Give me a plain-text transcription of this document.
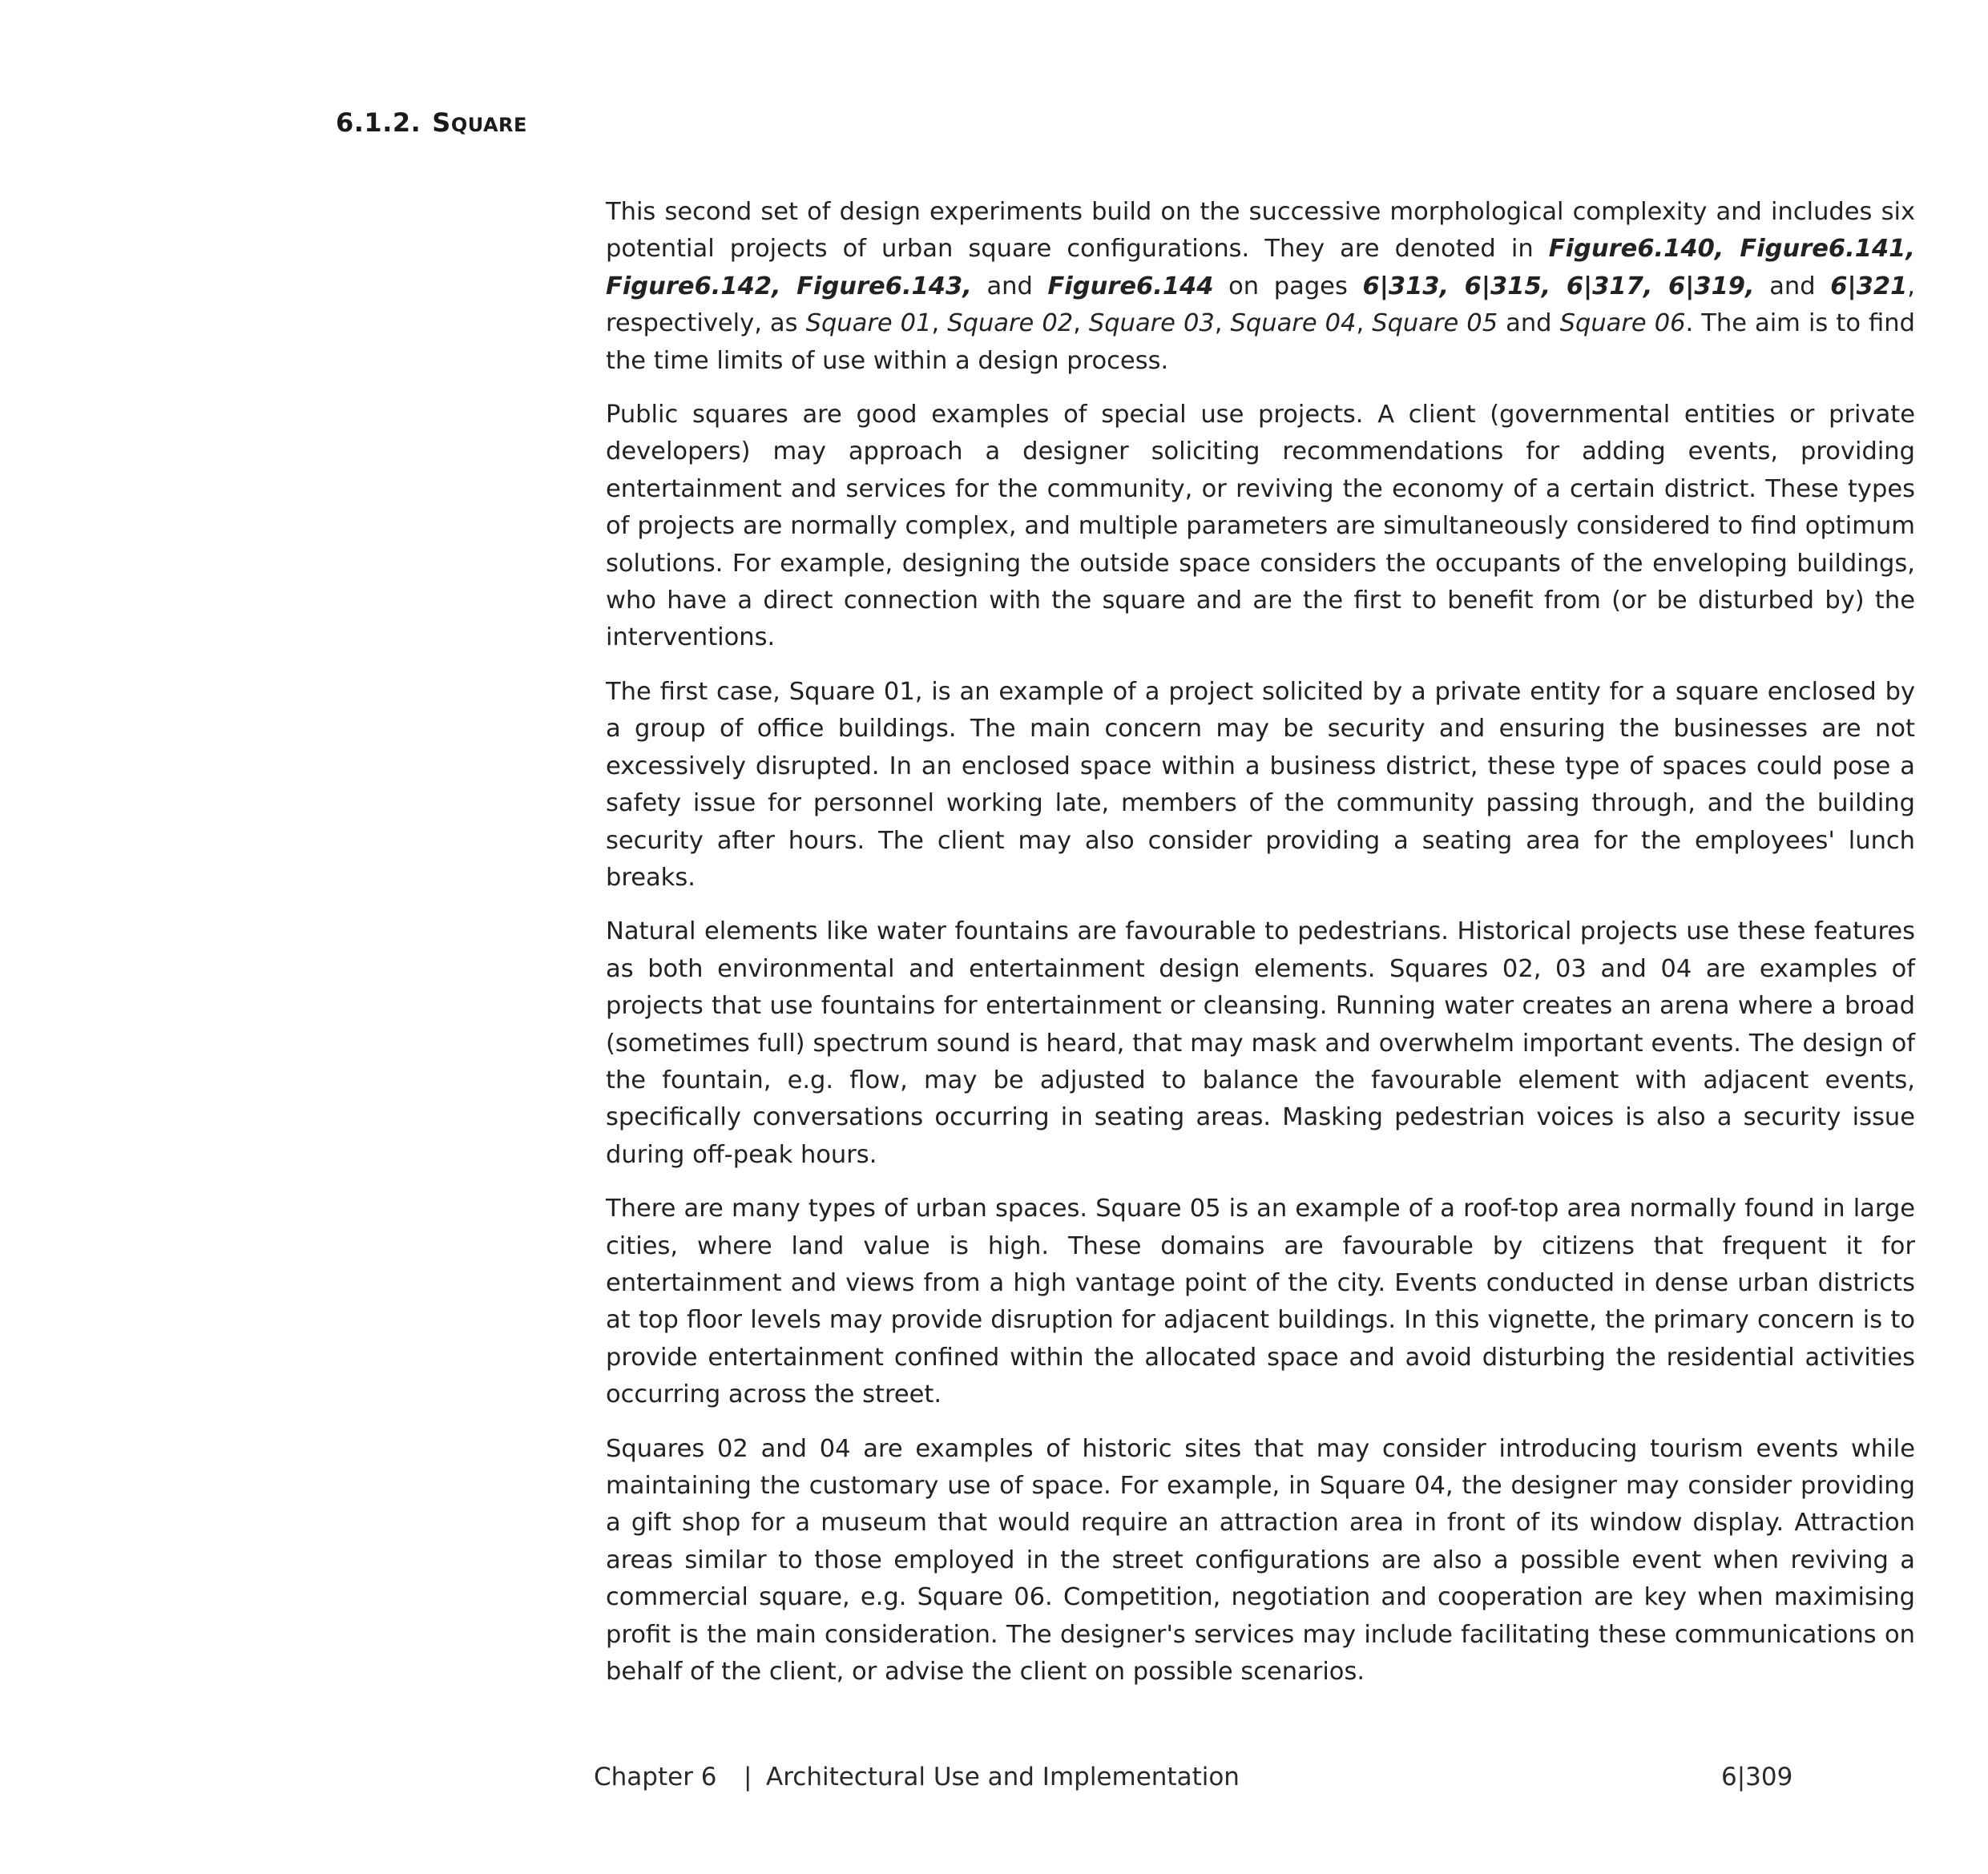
6.1.2. SQUARE

This second set of design experiments build on the successive morphological complexity and includes six potential projects of urban square configurations. They are denoted in Figure6.140, Figure6.141, Figure6.142, Figure6.143, and Figure6.144 on pages 6|313, 6|315, 6|317, 6|319, and 6|321, respectively, as Square 01, Square 02, Square 03, Square 04, Square 05 and Square 06. The aim is to find the time limits of use within a design process.

Public squares are good examples of special use projects. A client (governmental entities or private developers) may approach a designer soliciting recommendations for adding events, providing entertainment and services for the community, or reviving the economy of a certain district. These types of projects are normally complex, and multiple parameters are simultaneously considered to find optimum solutions. For example, designing the outside space considers the occupants of the enveloping buildings, who have a direct connection with the square and are the first to benefit from (or be disturbed by) the interventions.

The first case, Square 01, is an example of a project solicited by a private entity for a square enclosed by a group of office buildings. The main concern may be security and ensuring the businesses are not excessively disrupted. In an enclosed space within a business district, these type of spaces could pose a safety issue for personnel working late, members of the community passing through, and the building security after hours. The client may also consider providing a seating area for the employees' lunch breaks.

Natural elements like water fountains are favourable to pedestrians. Historical projects use these features as both environmental and entertainment design elements. Squares 02, 03 and 04 are examples of projects that use fountains for entertainment or cleansing. Running water creates an arena where a broad (sometimes full) spectrum sound is heard, that may mask and overwhelm important events. The design of the fountain, e.g. flow, may be adjusted to balance the favourable element with adjacent events, specifically conversations occurring in seating areas. Masking pedestrian voices is also a security issue during off-peak hours.

There are many types of urban spaces. Square 05 is an example of a roof-top area normally found in large cities, where land value is high. These domains are favourable by citizens that frequent it for entertainment and views from a high vantage point of the city. Events conducted in dense urban districts at top floor levels may provide disruption for adjacent buildings. In this vignette, the primary concern is to provide entertainment confined within the allocated space and avoid disturbing the residential activities occurring across the street.

Squares 02 and 04 are examples of historic sites that may consider introducing tourism events while maintaining the customary use of space. For example, in Square 04, the designer may consider providing a gift shop for a museum that would require an attraction area in front of its window display. Attraction areas similar to those employed in the street configurations are also a possible event when reviving a commercial square, e.g. Square 06. Competition, negotiation and cooperation are key when maximising profit is the main consideration. The designer's services may include facilitating these communications on behalf of the client, or advise the client on possible scenarios.

Chapter 6 | Architectural Use and Implementation	6|309
